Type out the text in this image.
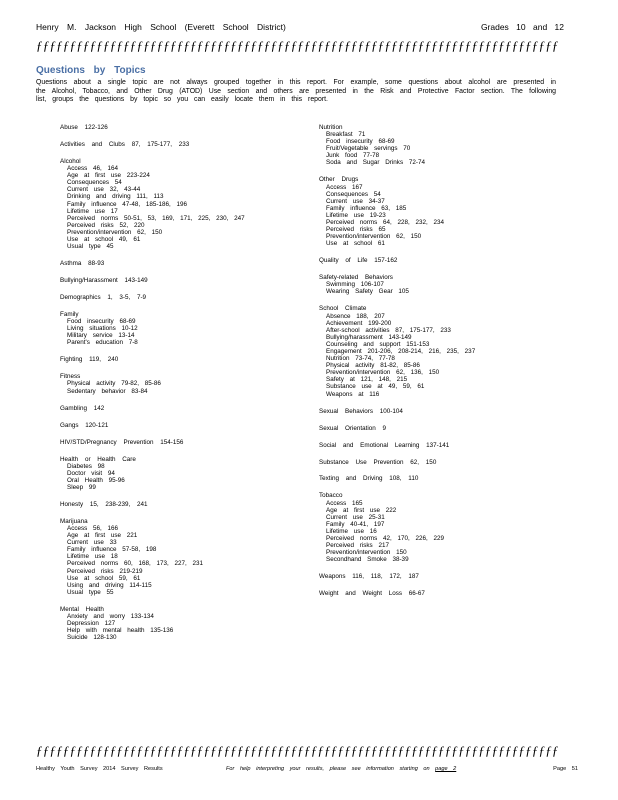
Henry M. Jackson High School (Everett School District)	Grades 10 and 12
ƒƒƒƒƒƒƒƒƒƒƒƒƒƒƒƒƒƒƒƒƒƒƒƒƒƒƒƒƒƒƒƒƒƒƒƒƒƒƒƒƒƒƒƒƒƒƒƒƒƒƒƒƒƒƒƒƒƒƒƒƒƒƒƒƒƒƒƒƒƒƒƒƒƒƒƒƒƒ
Questions by Topics
Questions about a single topic are not always grouped together in this report. For example, some questions about alcohol are presented in the Alcohol, Tobacco, and Other Drug (ATOD) Use section and others are presented in the Risk and Protective Factor section. The following list, groups the questions by topic so you can easily locate them in this report.
Abuse 122-126
Activities and Clubs 87, 175-177, 233
Alcohol
Access 46, 164
Age at first use 223-224
Consequences 54
Current use 32, 43-44
Drinking and driving 111, 113
Family influence 47-48, 185-186, 196
Lifetime use 17
Perceived norms 50-51, 53, 169, 171, 225, 230, 247
Perceived risks 52, 220
Prevention/intervention 62, 150
Use at school 49, 61
Usual type 45
Asthma 88-93
Bullying/Harassment 143-149
Demographics 1, 3-5, 7-9
Family
Food insecurity 68-69
Living situations 10-12
Military service 13-14
Parent's education 7-8
Fighting 119, 240
Fitness
Physical activity 79-82, 85-86
Sedentary behavior 83-84
Gambling 142
Gangs 120-121
HIV/STD/Pregnancy Prevention 154-156
Health or Health Care
Diabetes 98
Doctor visit 94
Oral Health 95-96
Sleep 99
Honesty 15, 238-239, 241
Marijuana
Access 56, 166
Age at first use 221
Current use 33
Family influence 57-58, 198
Lifetime use 18
Perceived norms 60, 168, 173, 227, 231
Perceived risks 219-219
Use at school 59, 61
Using and driving 114-115
Usual type 55
Mental Health
Anxiety and worry 133-134
Depression 127
Help with mental health 135-136
Suicide 128-130
Nutrition
Breakfast 71
Food insecurity 68-69
Fruit/Vegetable servings 70
Junk food 77-78
Soda and Sugar Drinks 72-74
Other Drugs
Access 167
Consequences 54
Current use 34-37
Family influence 63, 185
Lifetime use 19-23
Perceived norms 64, 228, 232, 234
Perceived risks 65
Prevention/intervention 62, 150
Use at school 61
Quality of Life 157-162
Safety-related Behaviors
Swimming 106-107
Wearing Safety Gear 105
School Climate
Absence 188, 207
Achievement 199-200
After-school activities 87, 175-177, 233
Bullying/harassment 143-149
Counseling and support 151-153
Engagement 201-206, 208-214, 216, 235, 237
Nutrition 73-74, 77-78
Physical activity 81-82, 85-86
Prevention/intervention 62, 136, 150
Safety at 121, 148, 215
Substance use at 49, 59, 61
Weapons at 116
Sexual Behaviors 100-104
Sexual Orientation 9
Social and Emotional Learning 137-141
Substance Use Prevention 62, 150
Texting and Driving 108, 110
Tobacco
Access 165
Age at first use 222
Current use 25-31
Family 40-41, 197
Lifetime use 16
Perceived norms 42, 170, 226, 229
Perceived risks 217
Prevention/intervention 150
Secondhand Smoke 38-39
Weapons 116, 118, 172, 187
Weight and Weight Loss 66-67
ƒƒƒƒƒƒƒƒƒƒƒƒƒƒƒƒƒƒƒƒƒƒƒƒƒƒƒƒƒƒƒƒƒƒƒƒƒƒƒƒƒƒƒƒƒƒƒƒƒƒƒƒƒƒƒƒƒƒƒƒƒƒƒƒƒƒƒƒƒƒƒƒƒƒƒƒƒƒ
Healthy Youth Survey 2014 Survey Results	For help interpreting your results, please see information starting on page 2	Page 51
